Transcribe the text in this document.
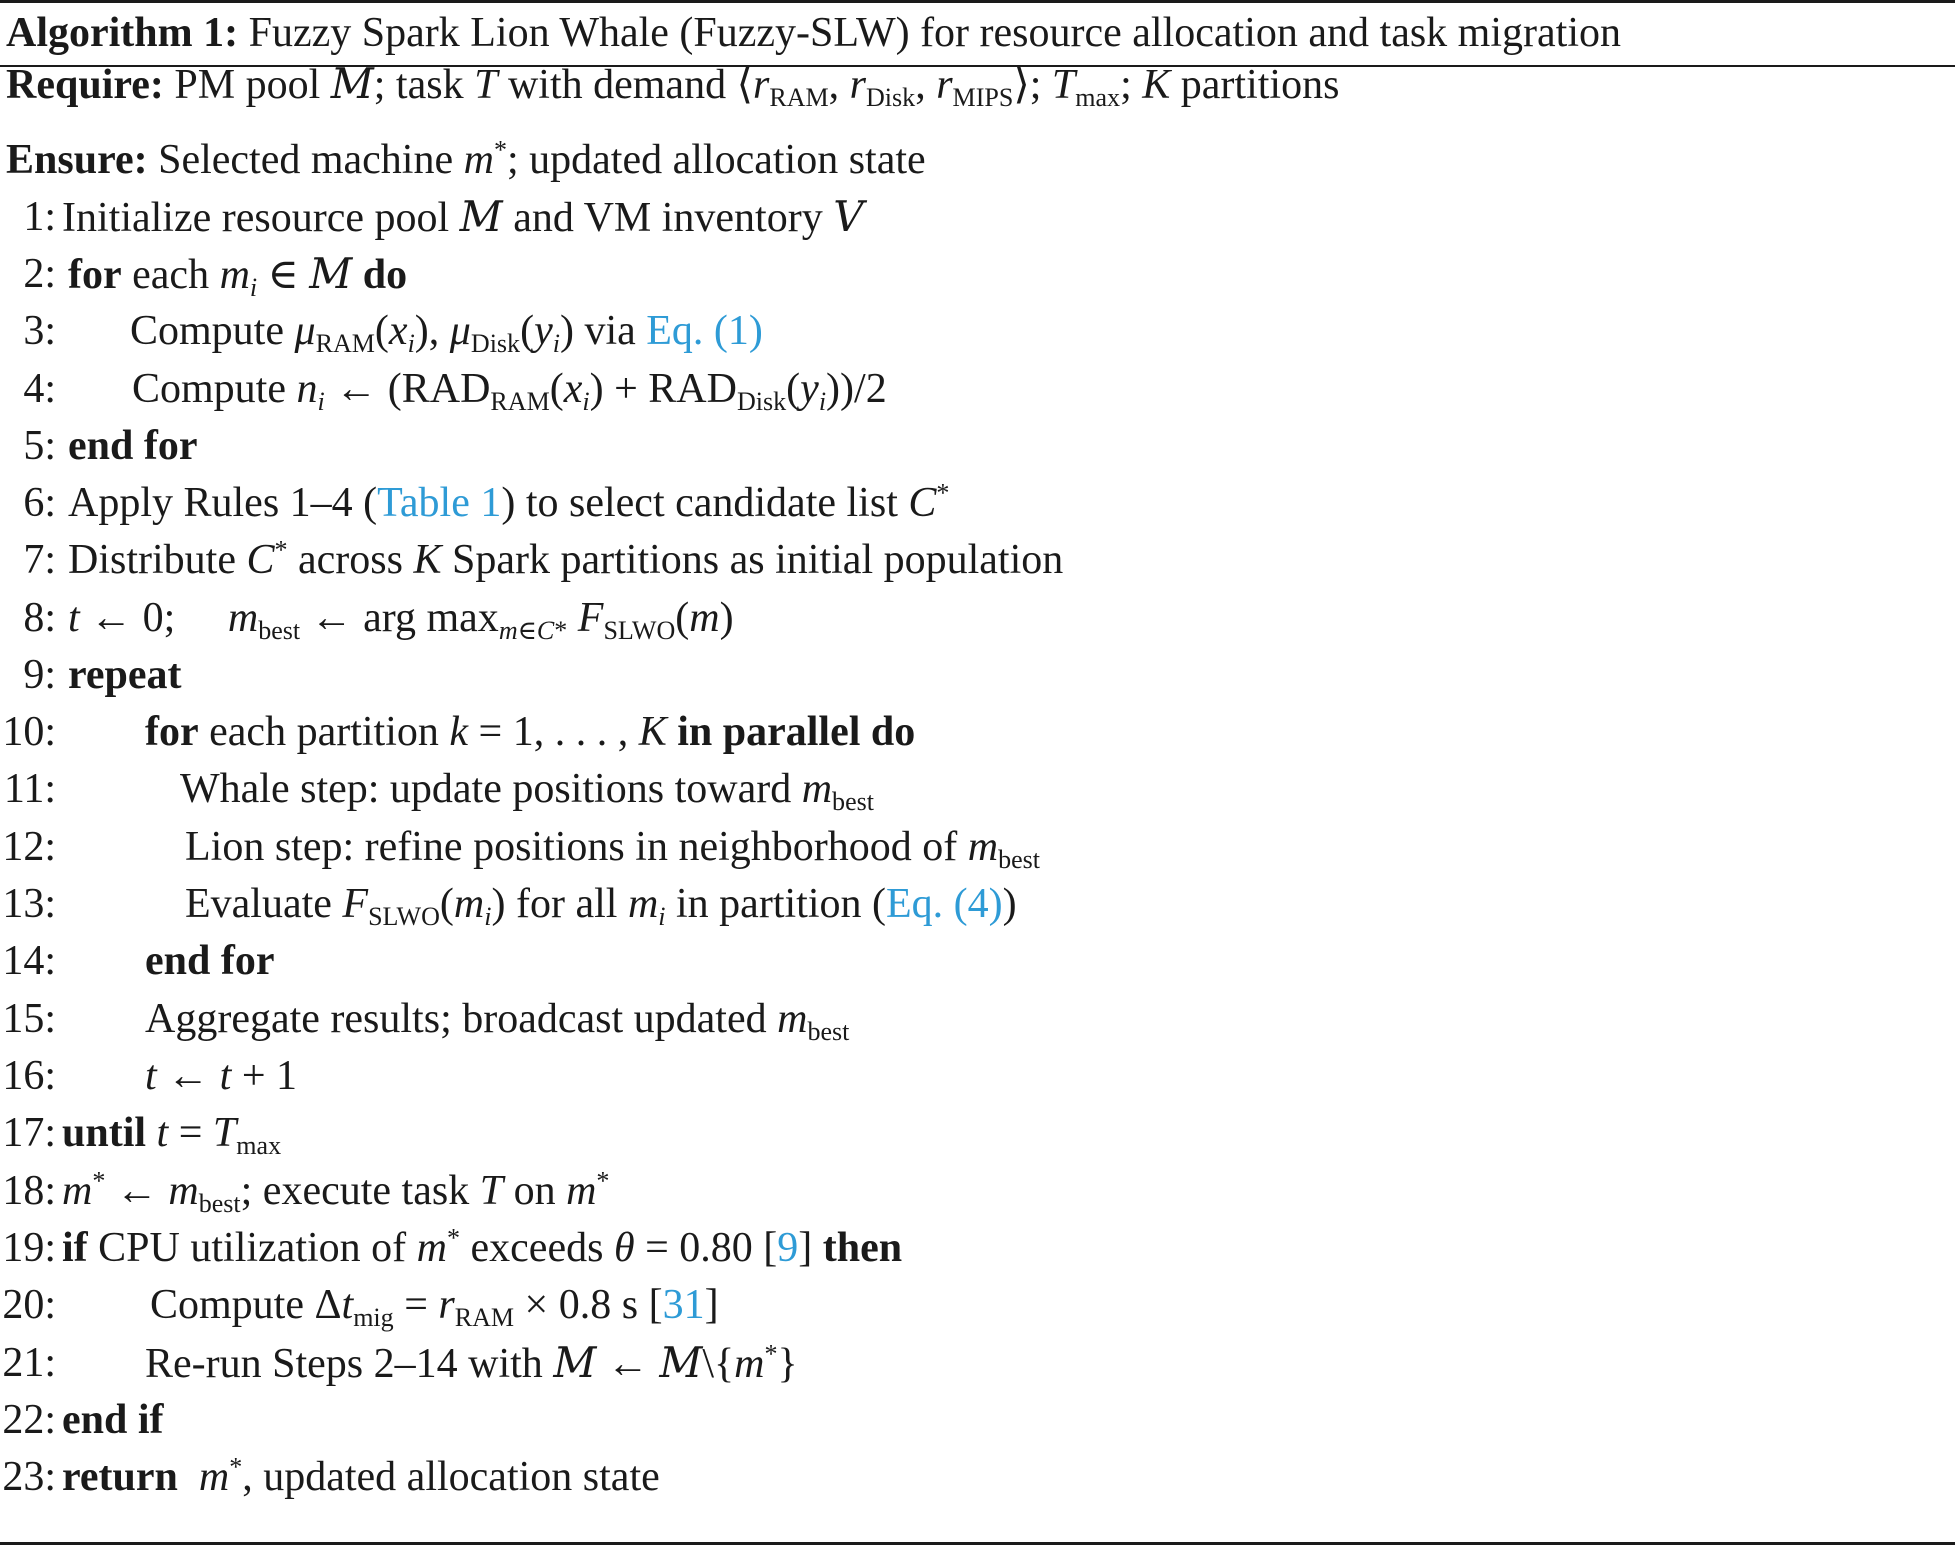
Algorithm 1: Fuzzy Spark Lion Whale (Fuzzy-SLW) for resource allocation and task migration
Require: PM pool M; task T with demand $⟨r_{RAM}$, $r_{Disk}$, $r_{MIPS}⟩$; $T_{max}$; K partitions
Ensure: Selected machine m*; updated allocation state
1: Initialize resource pool M and VM inventory V
2: for each $m_i$ ∈ M do
3: Compute $\mu_{RAM}(x_i)$, $\mu_{Disk}(y_i)$ via Eq. (1)
4: Compute $n_i$ ← $(RAD_{RAM}(x_i) + RAD_{Disk}(y_i))/2$
5: end for
6: Apply Rules 1–4 (Table 1) to select candidate list C*
7: Distribute C* across K Spark partitions as initial population
8: t ← 0;     $m_{best}$ ← arg $\max_{m\in C*} F_{SLWO}(m)$
9: repeat
10: for each partition k = 1, . . . , K in parallel do
11:	Whale step: update positions toward $m_{best}$
12:	Lion step: refine positions in neighborhood of $m_{best}$
13:	Evaluate $F_{SLWO}(m_i)$ for all $m_i$ in partition (Eq. (4))
14: end for
15: Aggregate results; broadcast updated $m_{best}$
16: t ← t + 1
17: until $t = T_{max}$
18: m* ← $m_{best}$; execute task T on m*
19: if CPU utilization of m* exceeds θ = 0.80 [9] then
20: Compute $\Delta t_{mig} = r_{RAM} \times 0.8$ s [31]
21: Re-run Steps 2–14 with M ← M\{m*}
22: end if
23: return m*, updated allocation state
